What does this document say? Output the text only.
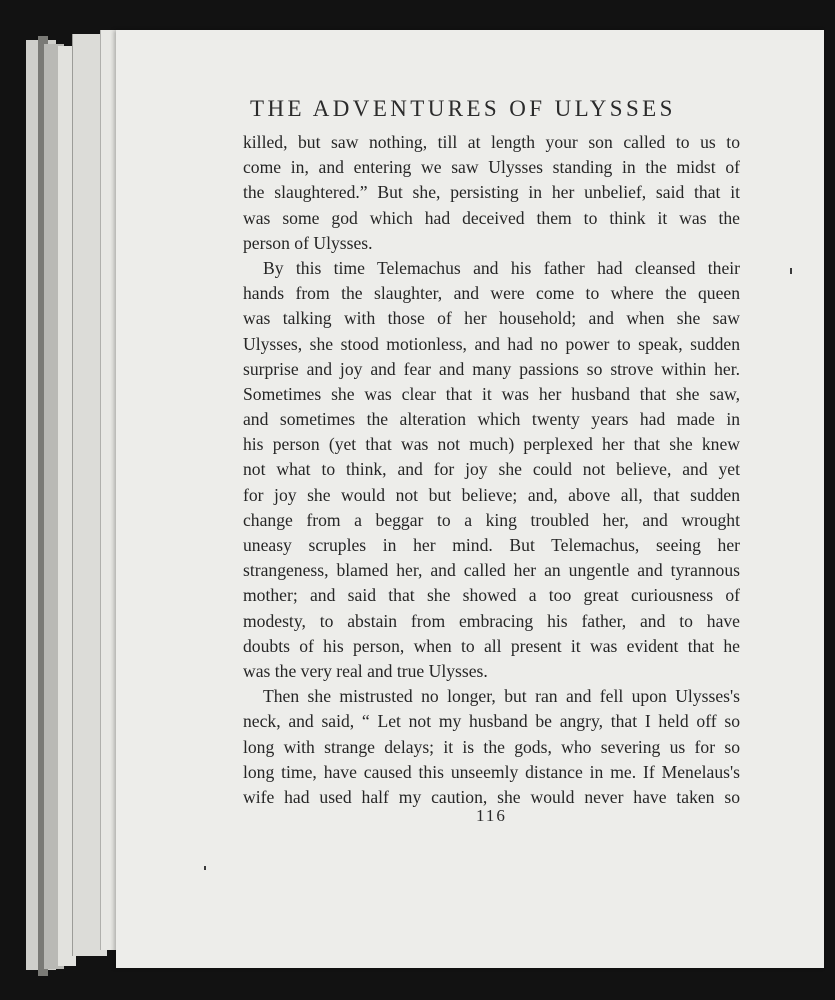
THE ADVENTURES OF ULYSSES
killed, but saw nothing, till at length your son called to us to
come in, and entering we saw Ulysses standing in the midst of
the slaughtered.” But she, persisting in her unbelief, said that it
was some god which had deceived them to think it was the
person of Ulysses.
By this time Telemachus and his father had cleansed their
hands from the slaughter, and were come to where the queen
was talking with those of her household; and when she saw
Ulysses, she stood motionless, and had no power to speak, sudden
surprise and joy and fear and many passions so strove within her.
Sometimes she was clear that it was her husband that she saw,
and sometimes the alteration which twenty years had made in
his person (yet that was not much) perplexed her that she knew
not what to think, and for joy she could not believe, and yet
for joy she would not but believe; and, above all, that sudden
change from a beggar to a king troubled her, and wrought
uneasy scruples in her mind. But Telemachus, seeing her
strangeness, blamed her, and called her an ungentle and tyrannous
mother; and said that she showed a too great curiousness of
modesty, to abstain from embracing his father, and to have
doubts of his person, when to all present it was evident that he
was the very real and true Ulysses.
Then she mistrusted no longer, but ran and fell upon Ulysses's
neck, and said, “ Let not my husband be angry, that I held off so
long with strange delays; it is the gods, who severing us for so
long time, have caused this unseemly distance in me. If Menelaus's
wife had used half my caution, she would never have taken so
116
